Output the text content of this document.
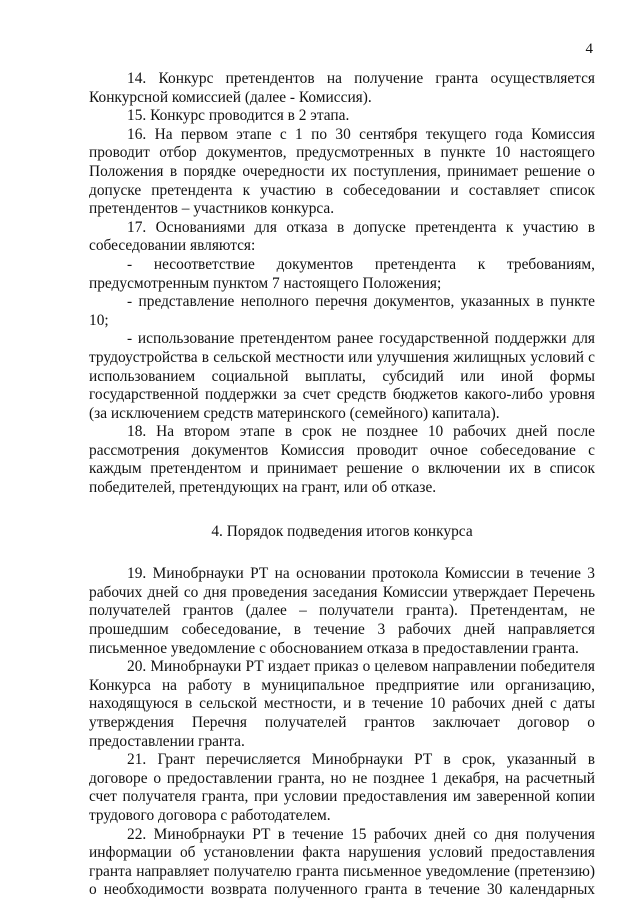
4

14. Конкурс претендентов на получение гранта осуществляется Конкурсной комиссией (далее - Комиссия).

15. Конкурс проводится в 2 этапа.

16. На первом этапе с 1 по 30 сентября текущего года Комиссия проводит отбор документов, предусмотренных в пункте 10 настоящего Положения в порядке очередности их поступления, принимает решение о допуске претендента к участию в собеседовании и составляет список претендентов – участников конкурса.

17. Основаниями для отказа в допуске претендента к участию в собеседовании являются:

- несоответствие документов претендента к требованиям, предусмотренным пунктом 7 настоящего Положения;

- представление неполного перечня документов, указанных в пункте 10;

- использование претендентом ранее государственной поддержки для трудоустройства в сельской местности или улучшения жилищных условий с использованием социальной выплаты, субсидий или иной формы государственной поддержки за счет средств бюджетов какого-либо уровня (за исключением средств материнского (семейного) капитала).

18. На втором этапе в срок не позднее 10 рабочих дней после рассмотрения документов Комиссия проводит очное собеседование с каждым претендентом и принимает решение о включении их в список победителей, претендующих на грант, или об отказе.

4. Порядок подведения итогов конкурса

19. Минобрнауки РТ на основании протокола Комиссии в течение 3 рабочих дней со дня проведения заседания Комиссии утверждает Перечень получателей грантов (далее – получатели гранта). Претендентам, не прошедшим собеседование, в течение 3 рабочих дней направляется письменное уведомление с обоснованием отказа в предоставлении гранта.

20. Минобрнауки РТ издает приказ о целевом направлении победителя Конкурса на работу в муниципальное предприятие или организацию, находящуюся в сельской местности, и в течение 10 рабочих дней с даты утверждения Перечня получателей грантов заключает договор о предоставлении гранта.

21. Грант перечисляется Минобрнауки РТ в срок, указанный в договоре о предоставлении гранта, но не позднее 1 декабря, на расчетный счет получателя гранта, при условии предоставления им заверенной копии трудового договора с работодателем.

22. Минобрнауки РТ в течение 15 рабочих дней со дня получения информации об установлении факта нарушения условий предоставления гранта направляет получателю гранта письменное уведомление (претензию) о необходимости возврата полученного гранта в течение 30 календарных
